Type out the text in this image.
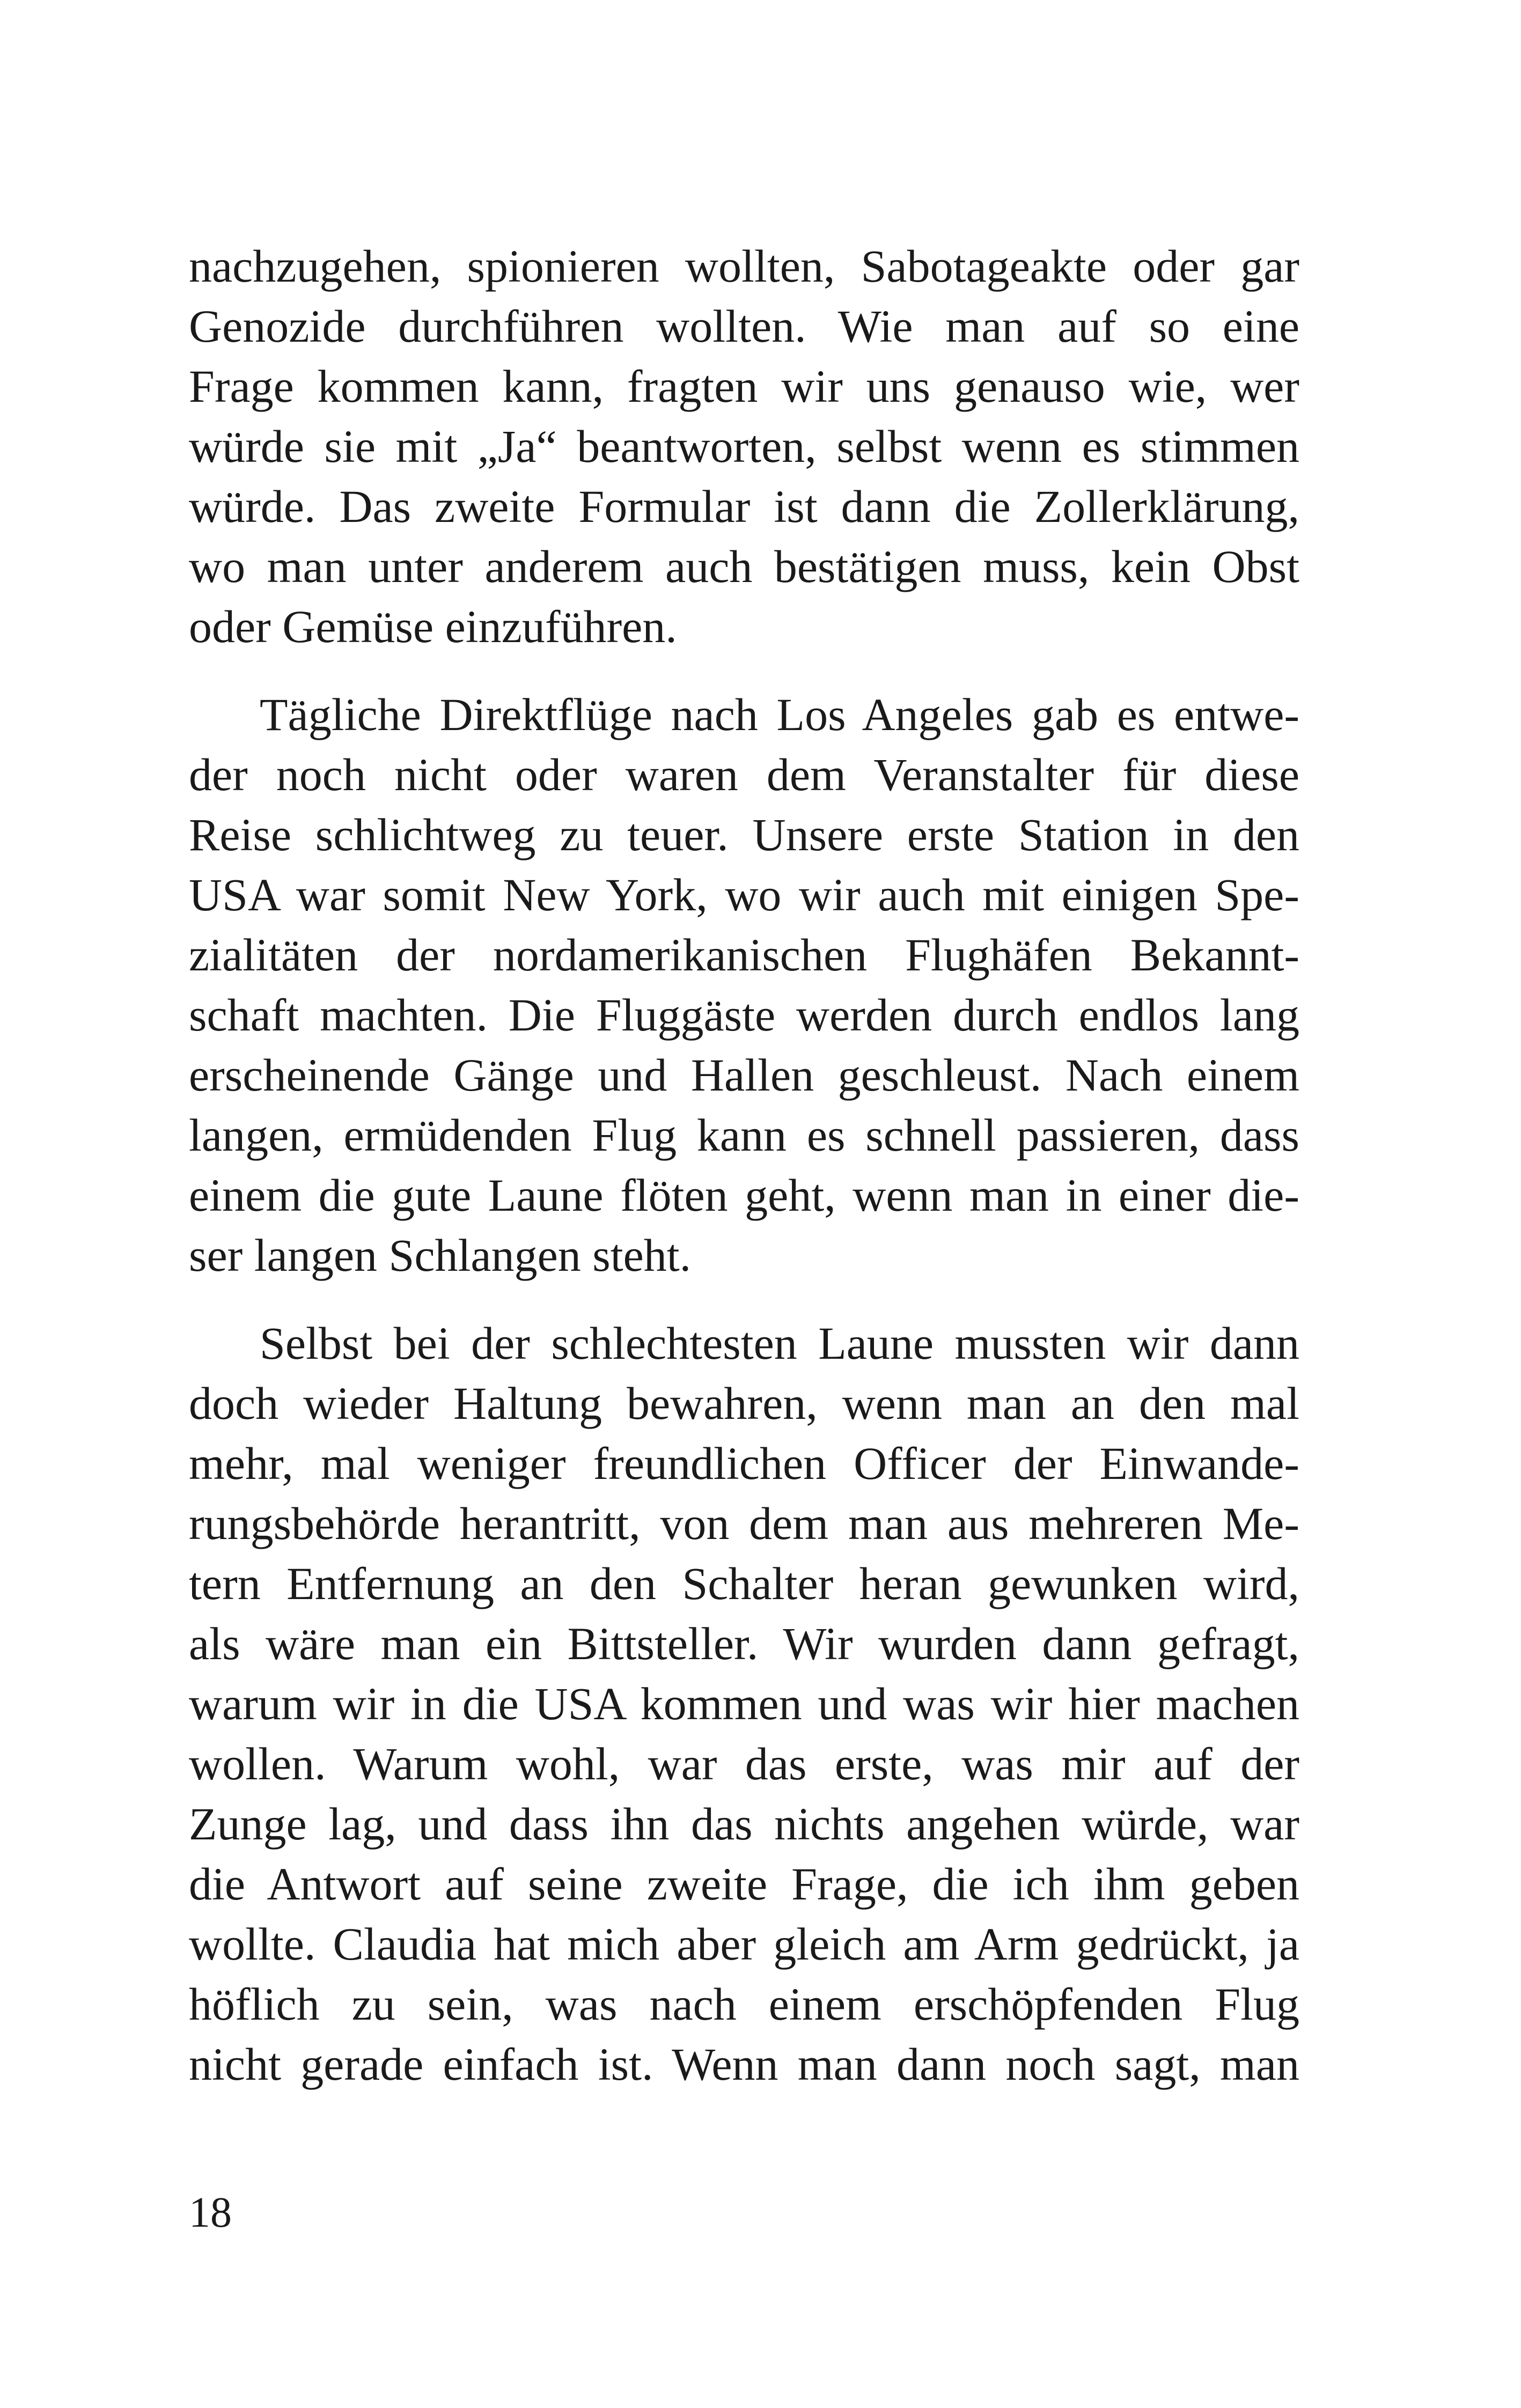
nachzugehen, spionieren wollten, Sabotageakte oder gar
Genozide durchführen wollten. Wie man auf so eine
Frage kommen kann, fragten wir uns genauso wie, wer
würde sie mit „Ja“ beantworten, selbst wenn es stimmen
würde. Das zweite Formular ist dann die Zollerklärung,
wo man unter anderem auch bestätigen muss, kein Obst
oder Gemüse einzuführen.

Tägliche Direktflüge nach Los Angeles gab es entwe-
der noch nicht oder waren dem Veranstalter für diese
Reise schlichtweg zu teuer. Unsere erste Station in den
USA war somit New York, wo wir auch mit einigen Spe-
zialitäten der nordamerikanischen Flughäfen Bekannt-
schaft machten. Die Fluggäste werden durch endlos lang
erscheinende Gänge und Hallen geschleust. Nach einem
langen, ermüdenden Flug kann es schnell passieren, dass
einem die gute Laune flöten geht, wenn man in einer die-
ser langen Schlangen steht.

Selbst bei der schlechtesten Laune mussten wir dann
doch wieder Haltung bewahren, wenn man an den mal
mehr, mal weniger freundlichen Officer der Einwande-
rungsbehörde herantritt, von dem man aus mehreren Me-
tern Entfernung an den Schalter heran gewunken wird,
als wäre man ein Bittsteller. Wir wurden dann gefragt,
warum wir in die USA kommen und was wir hier machen
wollen. Warum wohl, war das erste, was mir auf der
Zunge lag, und dass ihn das nichts angehen würde, war
die Antwort auf seine zweite Frage, die ich ihm geben
wollte. Claudia hat mich aber gleich am Arm gedrückt, ja
höflich zu sein, was nach einem erschöpfenden Flug
nicht gerade einfach ist. Wenn man dann noch sagt, man

18
